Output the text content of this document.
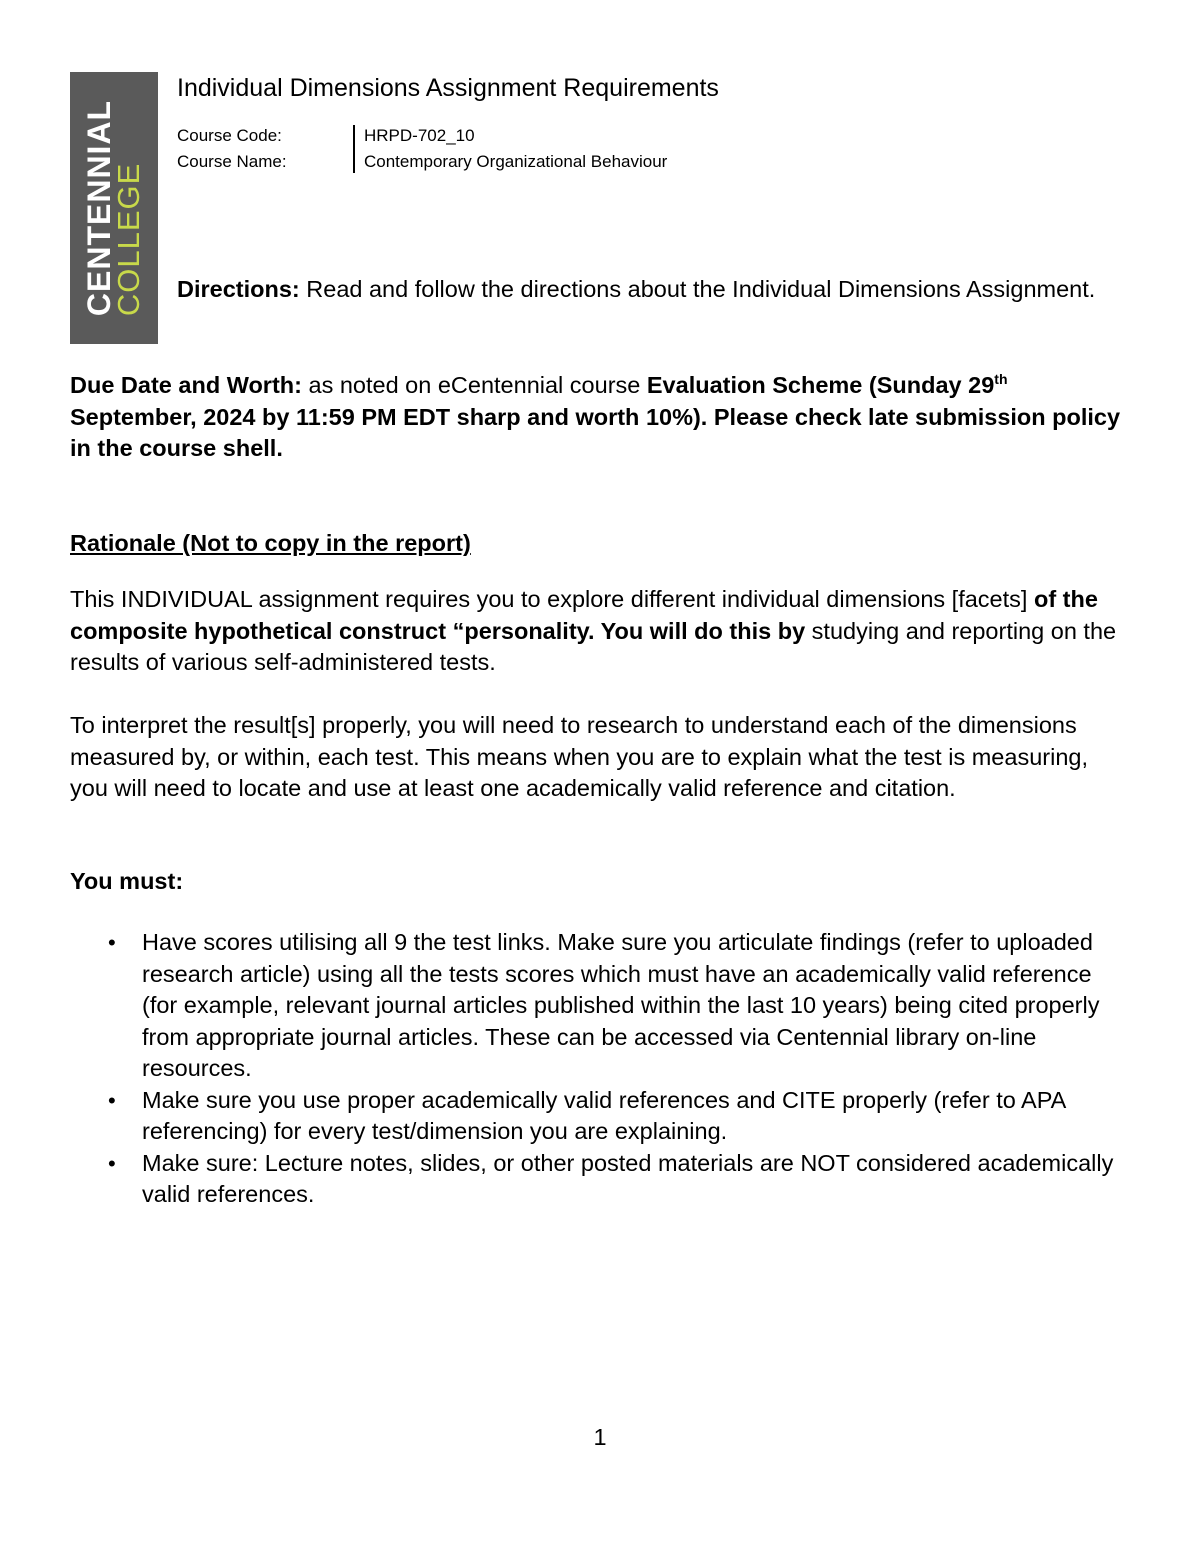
CENTENNIAL
COLLEGE
Individual Dimensions Assignment Requirements
Course Code:	HRPD-702_10
Course Name:	Contemporary Organizational Behaviour
Directions: Read and follow the directions about the Individual Dimensions Assignment.
Due Date and Worth: as noted on eCentennial course Evaluation Scheme (Sunday 29th September, 2024 by 11:59 PM EDT sharp and worth 10%). Please check late submission policy in the course shell.
Rationale (Not to copy in the report)
This INDIVIDUAL assignment requires you to explore different individual dimensions [facets] of the composite hypothetical construct “personality. You will do this by studying and reporting on the results of various self-administered tests.
To interpret the result[s] properly, you will need to research to understand each of the dimensions measured by, or within, each test. This means when you are to explain what the test is measuring, you will need to locate and use at least one academically valid reference and citation.
You must:
• Have scores utilising all 9 the test links. Make sure you articulate findings (refer to uploaded research article) using all the tests scores which must have an academically valid reference (for example, relevant journal articles published within the last 10 years) being cited properly from appropriate journal articles. These can be accessed via Centennial library on-line resources.
• Make sure you use proper academically valid references and CITE properly (refer to APA referencing) for every test/dimension you are explaining.
• Make sure: Lecture notes, slides, or other posted materials are NOT considered academically valid references.
1
